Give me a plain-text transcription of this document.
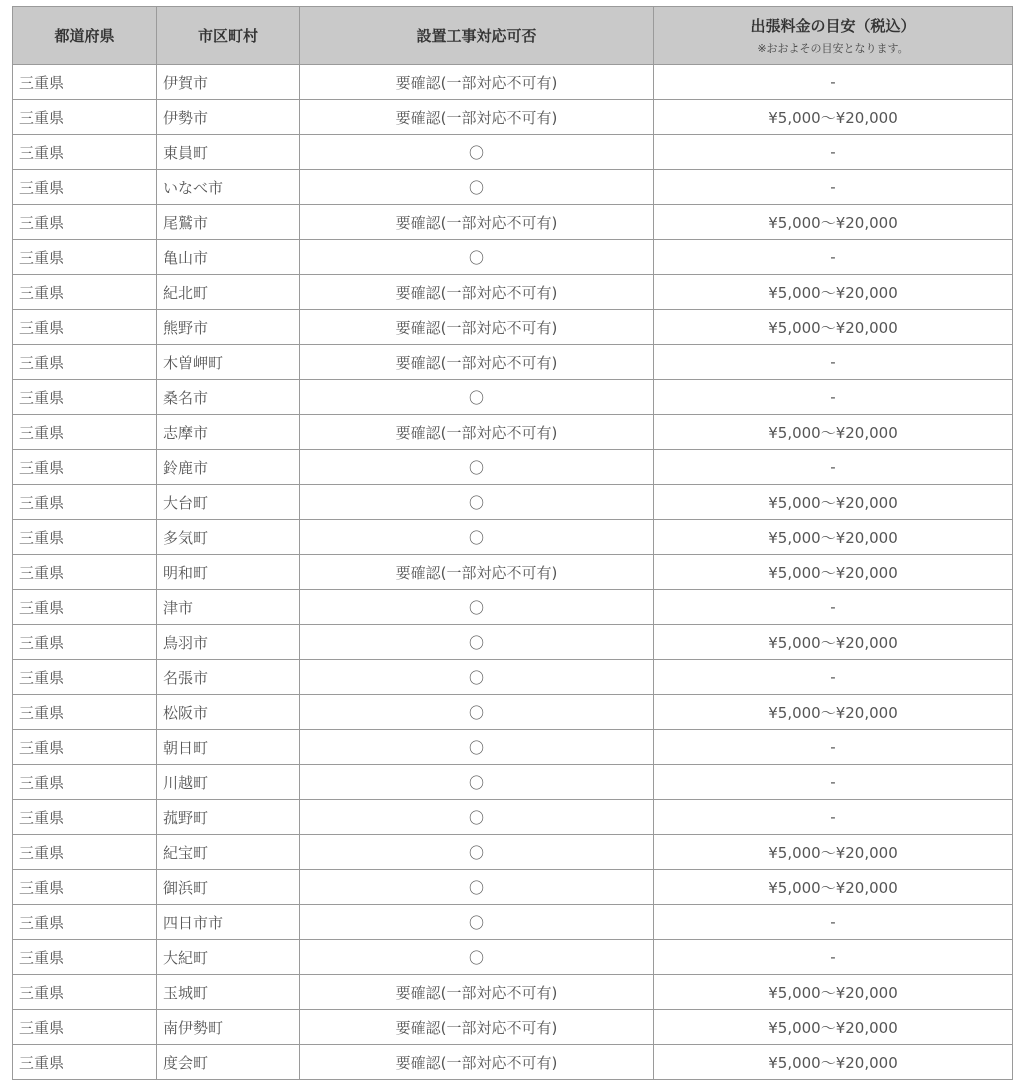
都道府県	市区町村	設置工事対応可否	出張料金の目安（税込）
※おおよその目安となります。

三重県	伊賀市	要確認(一部対応不可有)	-
三重県	伊勢市	要確認(一部対応不可有)	¥5,000〜¥20,000
三重県	東員町	〇	-
三重県	いなべ市	〇	-
三重県	尾鷲市	要確認(一部対応不可有)	¥5,000〜¥20,000
三重県	亀山市	〇	-
三重県	紀北町	要確認(一部対応不可有)	¥5,000〜¥20,000
三重県	熊野市	要確認(一部対応不可有)	¥5,000〜¥20,000
三重県	木曽岬町	要確認(一部対応不可有)	-
三重県	桑名市	〇	-
三重県	志摩市	要確認(一部対応不可有)	¥5,000〜¥20,000
三重県	鈴鹿市	〇	-
三重県	大台町	〇	¥5,000〜¥20,000
三重県	多気町	〇	¥5,000〜¥20,000
三重県	明和町	要確認(一部対応不可有)	¥5,000〜¥20,000
三重県	津市	〇	-
三重県	鳥羽市	〇	¥5,000〜¥20,000
三重県	名張市	〇	-
三重県	松阪市	〇	¥5,000〜¥20,000
三重県	朝日町	〇	-
三重県	川越町	〇	-
三重県	菰野町	〇	-
三重県	紀宝町	〇	¥5,000〜¥20,000
三重県	御浜町	〇	¥5,000〜¥20,000
三重県	四日市市	〇	-
三重県	大紀町	〇	-
三重県	玉城町	要確認(一部対応不可有)	¥5,000〜¥20,000
三重県	南伊勢町	要確認(一部対応不可有)	¥5,000〜¥20,000
三重県	度会町	要確認(一部対応不可有)	¥5,000〜¥20,000
